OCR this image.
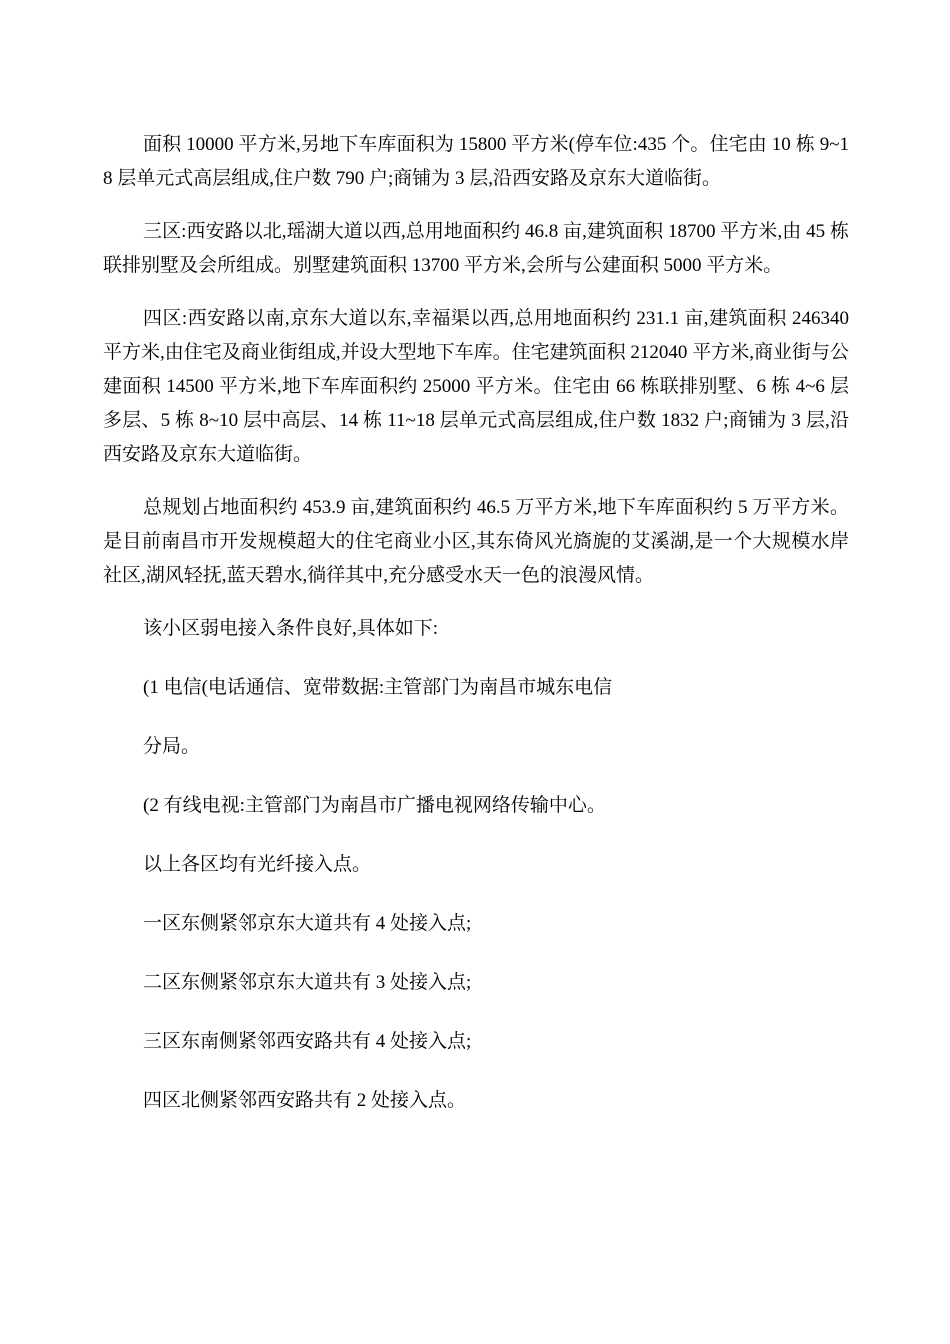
面积 10000 平方米,另地下车库面积为 15800 平方米(停车位:435 个。住宅由 10 栋 9~18 层单元式高层组成,住户数 790 户;商铺为 3 层,沿西安路及京东大道临街。

三区:西安路以北,瑶湖大道以西,总用地面积约 46.8 亩,建筑面积 18700 平方米,由 45 栋联排别墅及会所组成。别墅建筑面积 13700 平方米,会所与公建面积 5000 平方米。

四区:西安路以南,京东大道以东,幸福渠以西,总用地面积约 231.1 亩,建筑面积 246340 平方米,由住宅及商业街组成,并设大型地下车库。住宅建筑面积 212040 平方米,商业街与公建面积 14500 平方米,地下车库面积约 25000 平方米。住宅由 66 栋联排别墅、6 栋 4~6 层多层、5 栋 8~10 层中高层、14 栋 11~18 层单元式高层组成,住户数 1832 户;商铺为 3 层,沿西安路及京东大道临街。

总规划占地面积约 453.9 亩,建筑面积约 46.5 万平方米,地下车库面积约 5 万平方米。是目前南昌市开发规模超大的住宅商业小区,其东倚风光旖旎的艾溪湖,是一个大规模水岸社区,湖风轻抚,蓝天碧水,徜徉其中,充分感受水天一色的浪漫风情。

该小区弱电接入条件良好,具体如下:

(1 电信(电话通信、宽带数据:主管部门为南昌市城东电信

分局。

(2 有线电视:主管部门为南昌市广播电视网络传输中心。

以上各区均有光纤接入点。

一区东侧紧邻京东大道共有 4 处接入点;

二区东侧紧邻京东大道共有 3 处接入点;

三区东南侧紧邻西安路共有 4 处接入点;

四区北侧紧邻西安路共有 2 处接入点。
